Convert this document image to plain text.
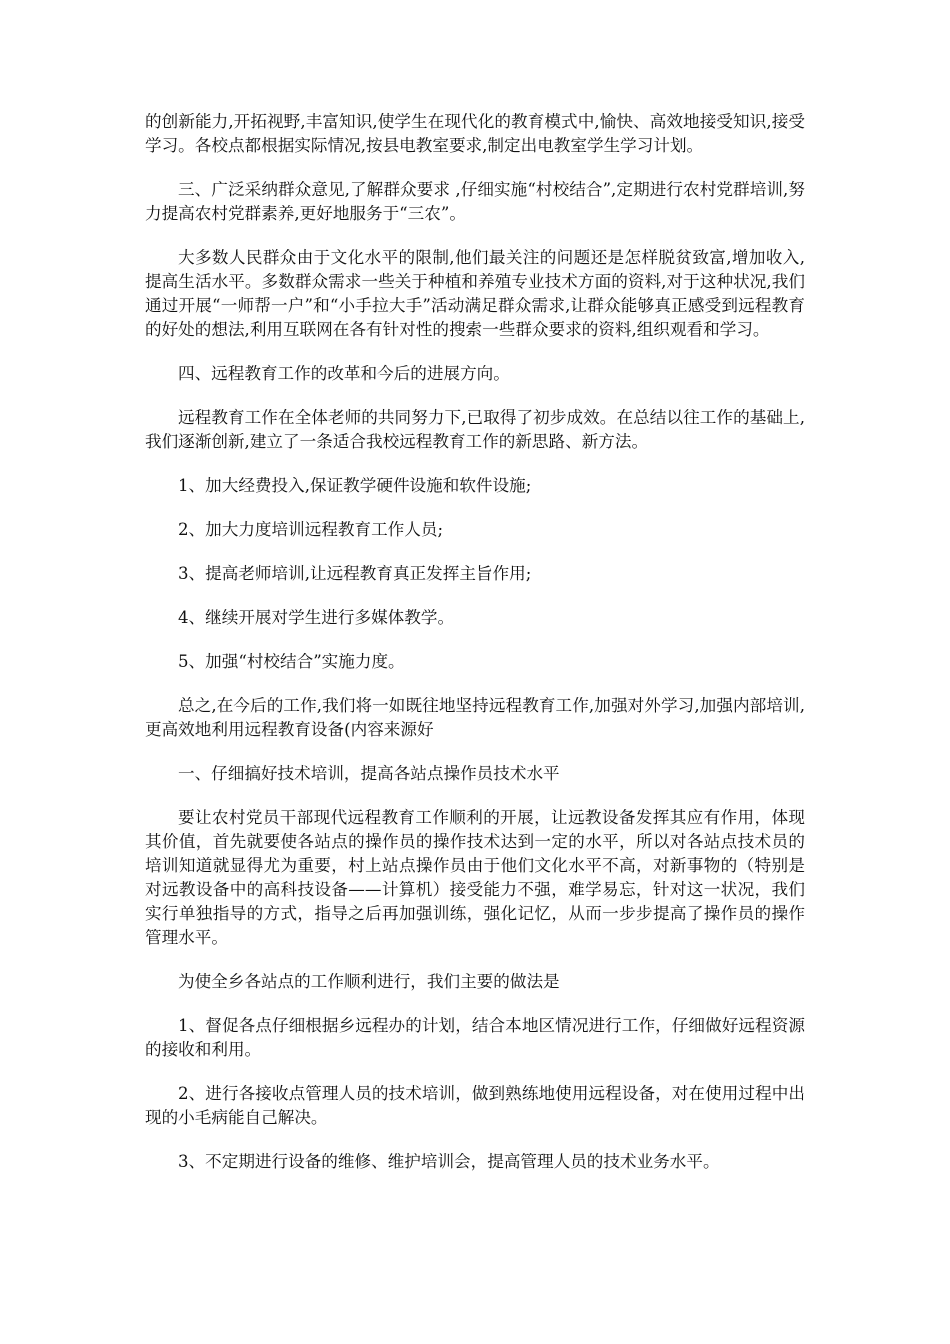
的创新能力,开拓视野,丰富知识,使学生在现代化的教育模式中,愉快、高效地接受知识,接受学习。各校点都根据实际情况,按县电教室要求,制定出电教室学生学习计划。

三、广泛采纳群众意见,了解群众要求 ,仔细实施“村校结合”,定期进行农村党群培训,努力提高农村党群素养,更好地服务于“三农”。

大多数人民群众由于文化水平的限制,他们最关注的问题还是怎样脱贫致富,增加收入,提高生活水平。多数群众需求一些关于种植和养殖专业技术方面的资料,对于这种状况,我们通过开展“一师帮一户”和“小手拉大手”活动满足群众需求,让群众能够真正感受到远程教育的好处的想法,利用互联网在各有针对性的搜索一些群众要求的资料,组织观看和学习。

四、远程教育工作的改革和今后的进展方向。

远程教育工作在全体老师的共同努力下,已取得了初步成效。在总结以往工作的基础上,我们逐渐创新,建立了一条适合我校远程教育工作的新思路、新方法。

1、加大经费投入,保证教学硬件设施和软件设施;

2、加大力度培训远程教育工作人员;

3、提高老师培训,让远程教育真正发挥主旨作用;

4、继续开展对学生进行多媒体教学。

5、加强“村校结合”实施力度。

总之,在今后的工作,我们将一如既往地坚持远程教育工作,加强对外学习,加强内部培训,更高效地利用远程教育设备(内容来源好

一、仔细搞好技术培训，提高各站点操作员技术水平

要让农村党员干部现代远程教育工作顺利的开展，让远教设备发挥其应有作用，体现其价值，首先就要使各站点的操作员的操作技术达到一定的水平，所以对各站点技术员的培训知道就显得尤为重要，村上站点操作员由于他们文化水平不高，对新事物的（特别是对远教设备中的高科技设备——计算机）接受能力不强，难学易忘，针对这一状况，我们实行单独指导的方式，指导之后再加强训练，强化记忆，从而一步步提高了操作员的操作管理水平。

为使全乡各站点的工作顺利进行，我们主要的做法是

1、督促各点仔细根据乡远程办的计划，结合本地区情况进行工作，仔细做好远程资源的接收和利用。

2、进行各接收点管理人员的技术培训，做到熟练地使用远程设备，对在使用过程中出现的小毛病能自己解决。

3、不定期进行设备的维修、维护培训会，提高管理人员的技术业务水平。
